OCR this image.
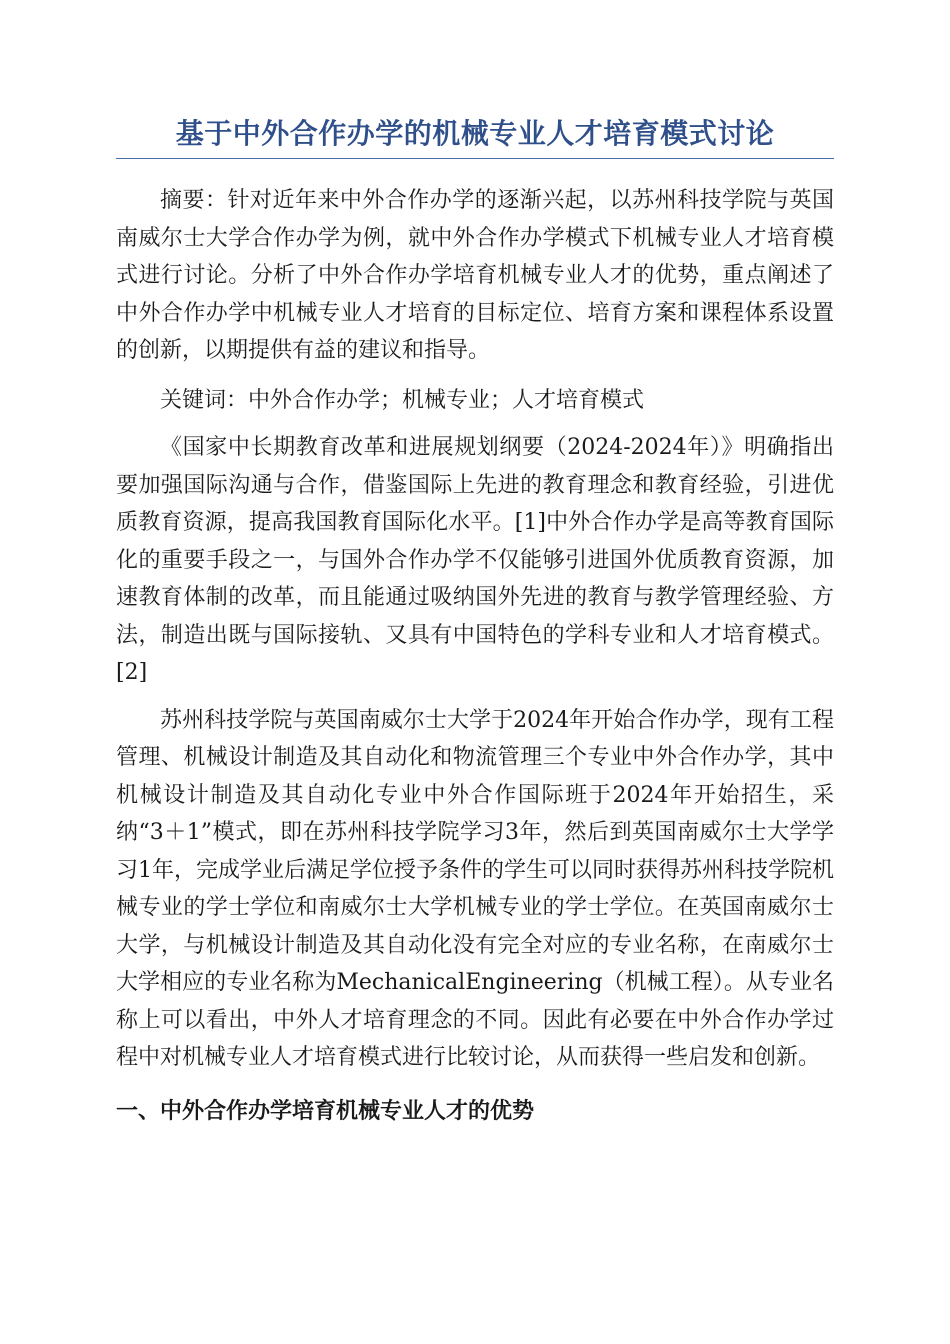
基于中外合作办学的机械专业人才培育模式讨论

摘要：针对近年来中外合作办学的逐渐兴起，以苏州科技学院与英国南威尔士大学合作办学为例，就中外合作办学模式下机械专业人才培育模式进行讨论。分析了中外合作办学培育机械专业人才的优势，重点阐述了中外合作办学中机械专业人才培育的目标定位、培育方案和课程体系设置的创新，以期提供有益的建议和指导。

关键词：中外合作办学；机械专业；人才培育模式

《国家中长期教育改革和进展规划纲要（2024-2024年）》明确指出要加强国际沟通与合作，借鉴国际上先进的教育理念和教育经验，引进优质教育资源，提高我国教育国际化水平。[1]中外合作办学是高等教育国际化的重要手段之一，与国外合作办学不仅能够引进国外优质教育资源，加速教育体制的改革，而且能通过吸纳国外先进的教育与教学管理经验、方法，制造出既与国际接轨、又具有中国特色的学科专业和人才培育模式。[2]

苏州科技学院与英国南威尔士大学于2024年开始合作办学，现有工程管理、机械设计制造及其自动化和物流管理三个专业中外合作办学，其中机械设计制造及其自动化专业中外合作国际班于2024年开始招生，采纳“3＋1”模式，即在苏州科技学院学习3年，然后到英国南威尔士大学学习1年，完成学业后满足学位授予条件的学生可以同时获得苏州科技学院机械专业的学士学位和南威尔士大学机械专业的学士学位。在英国南威尔士大学，与机械设计制造及其自动化没有完全对应的专业名称，在南威尔士大学相应的专业名称为MechanicalEngineering（机械工程）。从专业名称上可以看出，中外人才培育理念的不同。因此有必要在中外合作办学过程中对机械专业人才培育模式进行比较讨论，从而获得一些启发和创新。

一、中外合作办学培育机械专业人才的优势
